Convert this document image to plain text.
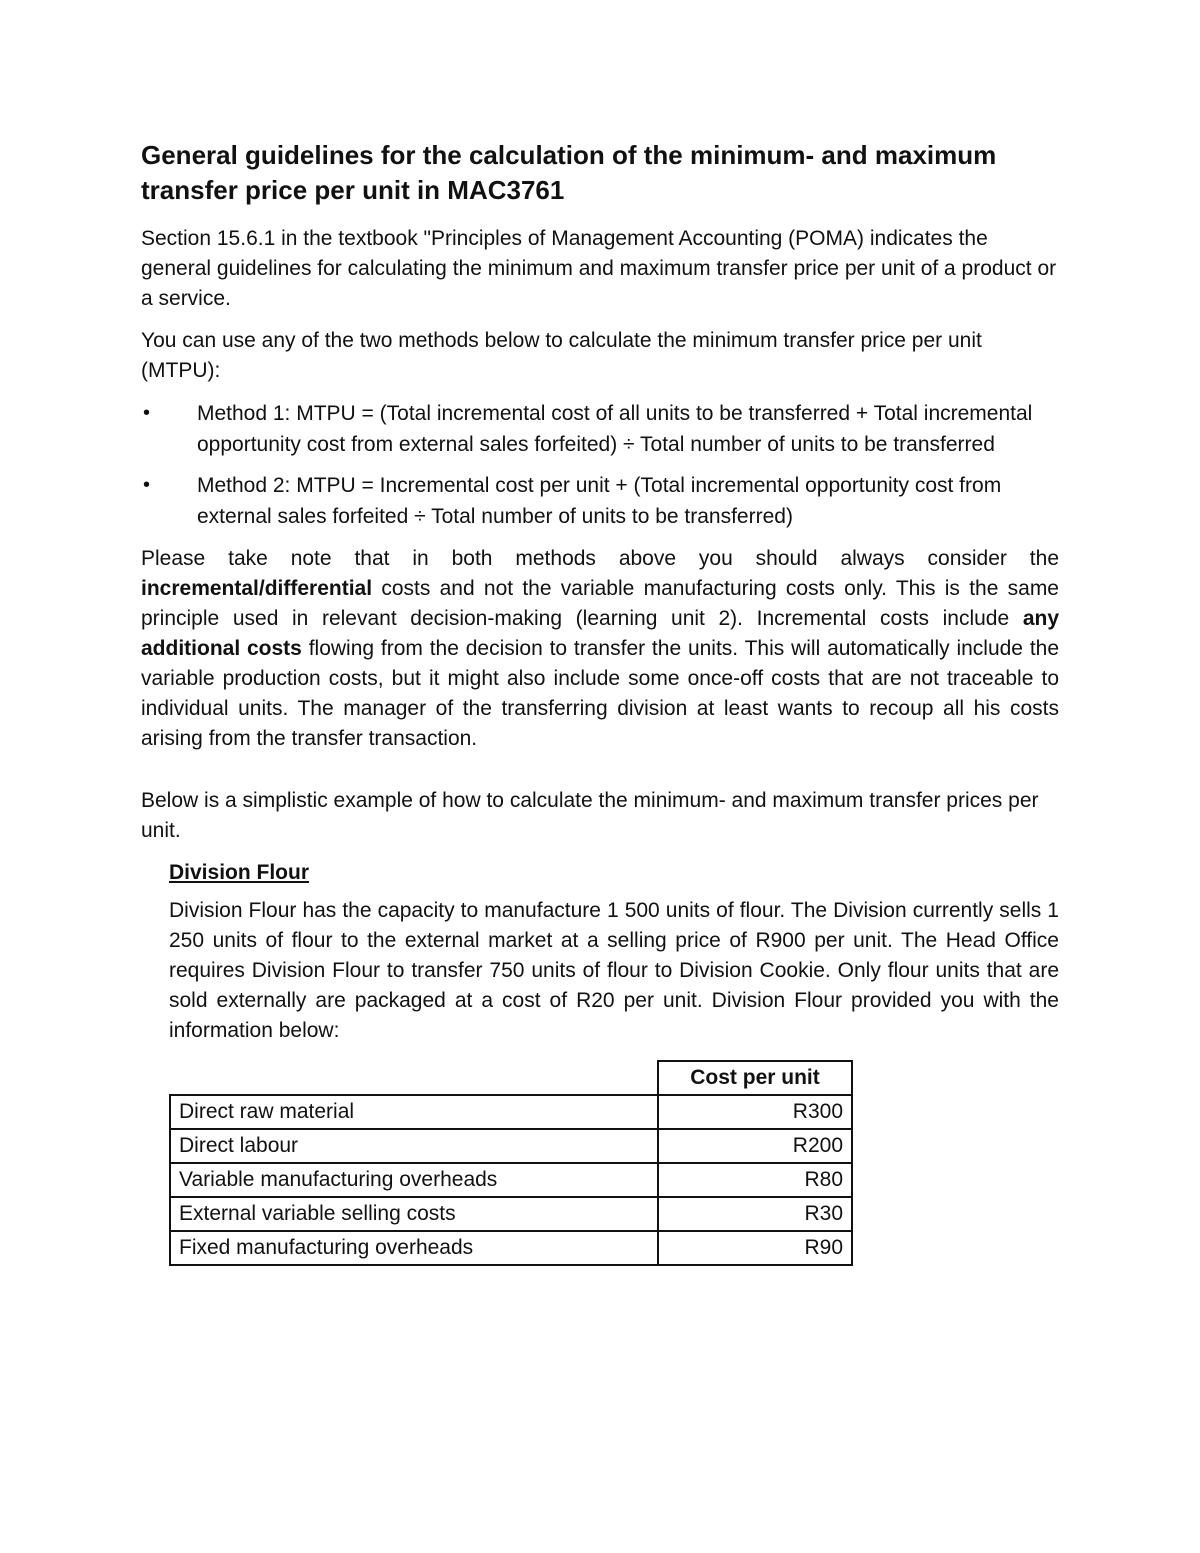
General guidelines for the calculation of the minimum- and maximum transfer price per unit in MAC3761

Section 15.6.1 in the textbook "Principles of Management Accounting (POMA) indicates the general guidelines for calculating the minimum and maximum transfer price per unit of a product or a service.

You can use any of the two methods below to calculate the minimum transfer price per unit (MTPU):

• Method 1: MTPU = (Total incremental cost of all units to be transferred + Total incremental opportunity cost from external sales forfeited) ÷ Total number of units to be transferred
• Method 2: MTPU = Incremental cost per unit + (Total incremental opportunity cost from external sales forfeited ÷ Total number of units to be transferred)

Please take note that in both methods above you should always consider the incremental/differential costs and not the variable manufacturing costs only. This is the same principle used in relevant decision-making (learning unit 2). Incremental costs include any additional costs flowing from the decision to transfer the units. This will automatically include the variable production costs, but it might also include some once-off costs that are not traceable to individual units. The manager of the transferring division at least wants to recoup all his costs arising from the transfer transaction.

Below is a simplistic example of how to calculate the minimum- and maximum transfer prices per unit.

Division Flour

Division Flour has the capacity to manufacture 1 500 units of flour. The Division currently sells 1 250 units of flour to the external market at a selling price of R900 per unit. The Head Office requires Division Flour to transfer 750 units of flour to Division Cookie. Only flour units that are sold externally are packaged at a cost of R20 per unit. Division Flour provided you with the information below:

	Cost per unit
Direct raw material	R300
Direct labour	R200
Variable manufacturing overheads	R80
External variable selling costs	R30
Fixed manufacturing overheads	R90
